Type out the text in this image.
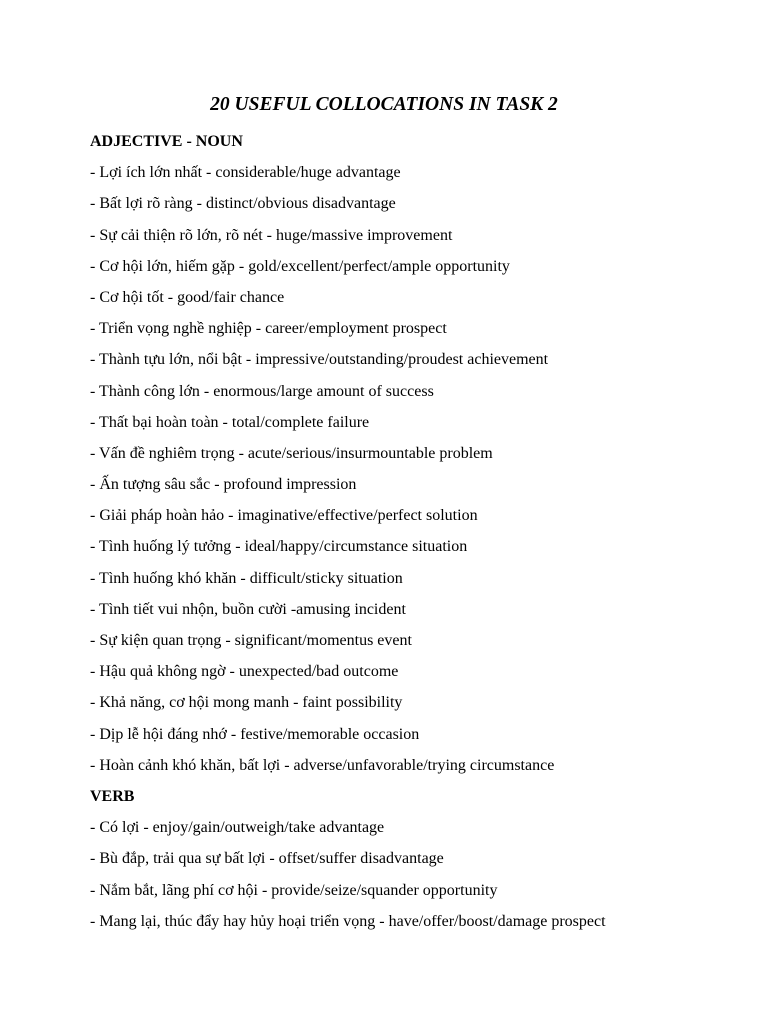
20 USEFUL COLLOCATIONS IN TASK 2
ADJECTIVE - NOUN
- Lợi ích lớn nhất - considerable/huge advantage
- Bất lợi rõ ràng - distinct/obvious disadvantage
- Sự cải thiện rõ lớn, rõ nét - huge/massive improvement
- Cơ hội lớn, hiếm gặp - gold/excellent/perfect/ample opportunity
- Cơ hội tốt - good/fair chance
- Triển vọng nghề nghiệp - career/employment prospect
- Thành tựu lớn, nổi bật - impressive/outstanding/proudest achievement
- Thành công lớn - enormous/large amount of success
- Thất bại hoàn toàn - total/complete failure
- Vấn đề nghiêm trọng - acute/serious/insurmountable problem
- Ấn tượng sâu sắc - profound impression
- Giải pháp hoàn hảo - imaginative/effective/perfect solution
- Tình huống lý tưởng - ideal/happy/circumstance situation
- Tình huống khó khăn - difficult/sticky situation
- Tình tiết vui nhộn, buồn cười -amusing incident
- Sự kiện quan trọng - significant/momentus event
- Hậu quả không ngờ - unexpected/bad outcome
- Khả năng, cơ hội mong manh - faint possibility
- Dịp lễ hội đáng nhớ - festive/memorable occasion
- Hoàn cảnh khó khăn, bất lợi - adverse/unfavorable/trying circumstance
VERB
- Có lợi - enjoy/gain/outweigh/take advantage
- Bù đắp, trải qua sự bất lợi - offset/suffer disadvantage
- Nắm bắt, lãng phí cơ hội - provide/seize/squander opportunity
- Mang lại, thúc đẩy hay hủy hoại triển vọng - have/offer/boost/damage prospect
